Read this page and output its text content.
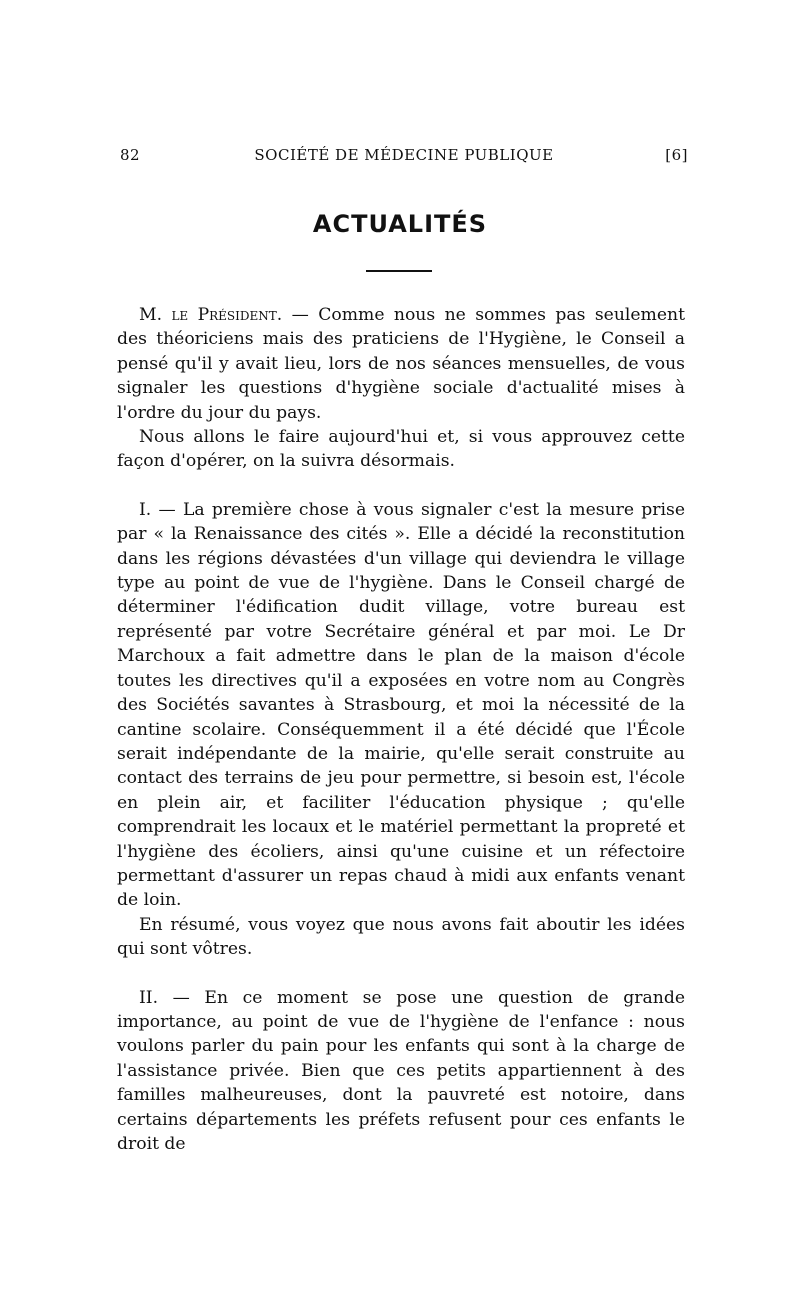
82	SOCIÉTÉ DE MÉDECINE PUBLIQUE	[6]
ACTUALITÉS

M. le Président. — Comme nous ne sommes pas seulement des théoriciens mais des praticiens de l'Hygiène, le Conseil a pensé qu'il y avait lieu, lors de nos séances mensuelles, de vous signaler les questions d'hygiène sociale d'actualité mises à l'ordre du jour du pays.

Nous allons le faire aujourd'hui et, si vous approuvez cette façon d'opérer, on la suivra désormais.

I. — La première chose à vous signaler c'est la mesure prise par « la Renaissance des cités ». Elle a décidé la reconstitution dans les régions dévastées d'un village qui deviendra le village type au point de vue de l'hygiène. Dans le Conseil chargé de déterminer l'édification dudit village, votre bureau est représenté par votre Secrétaire général et par moi. Le Dr Marchoux a fait admettre dans le plan de la maison d'école toutes les directives qu'il a exposées en votre nom au Congrès des Sociétés savantes à Strasbourg, et moi la nécessité de la cantine scolaire. Conséquemment il a été décidé que l'École serait indépendante de la mairie, qu'elle serait construite au contact des terrains de jeu pour permettre, si besoin est, l'école en plein air, et faciliter l'éducation physique ; qu'elle comprendrait les locaux et le matériel permettant la propreté et l'hygiène des écoliers, ainsi qu'une cuisine et un réfectoire permettant d'assurer un repas chaud à midi aux enfants venant de loin.

En résumé, vous voyez que nous avons fait aboutir les idées qui sont vôtres.

II. — En ce moment se pose une question de grande importance, au point de vue de l'hygiène de l'enfance : nous voulons parler du pain pour les enfants qui sont à la charge de l'assistance privée. Bien que ces petits appartiennent à des familles malheureuses, dont la pauvreté est notoire, dans certains départements les préfets refusent pour ces enfants le droit de
